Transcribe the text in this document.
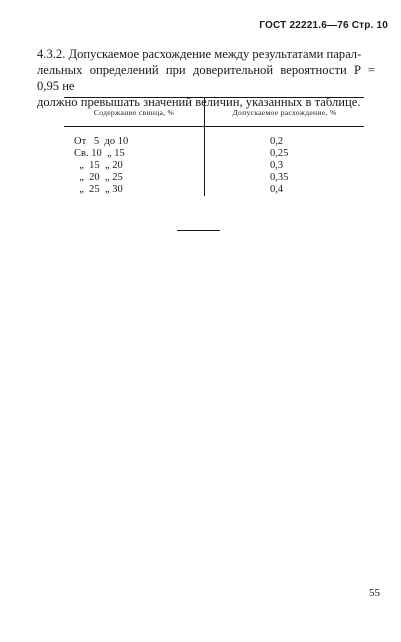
ГОСТ 22221.6—76 Стр. 10

4.3.2. Допускаемое расхождение между результатами парал-
лельных определений при доверительной вероятности P = 0,95 не
должно превышать значений величин, указанных в таблице.

Содержание свинца, %	Допускаемое расхождение, %
От   5  до 10	0,2
Св. 10  „ 15	0,25
„  15  „ 20	0,3
„  20  „ 25	0,35
„  25  „ 30	0,4
55
